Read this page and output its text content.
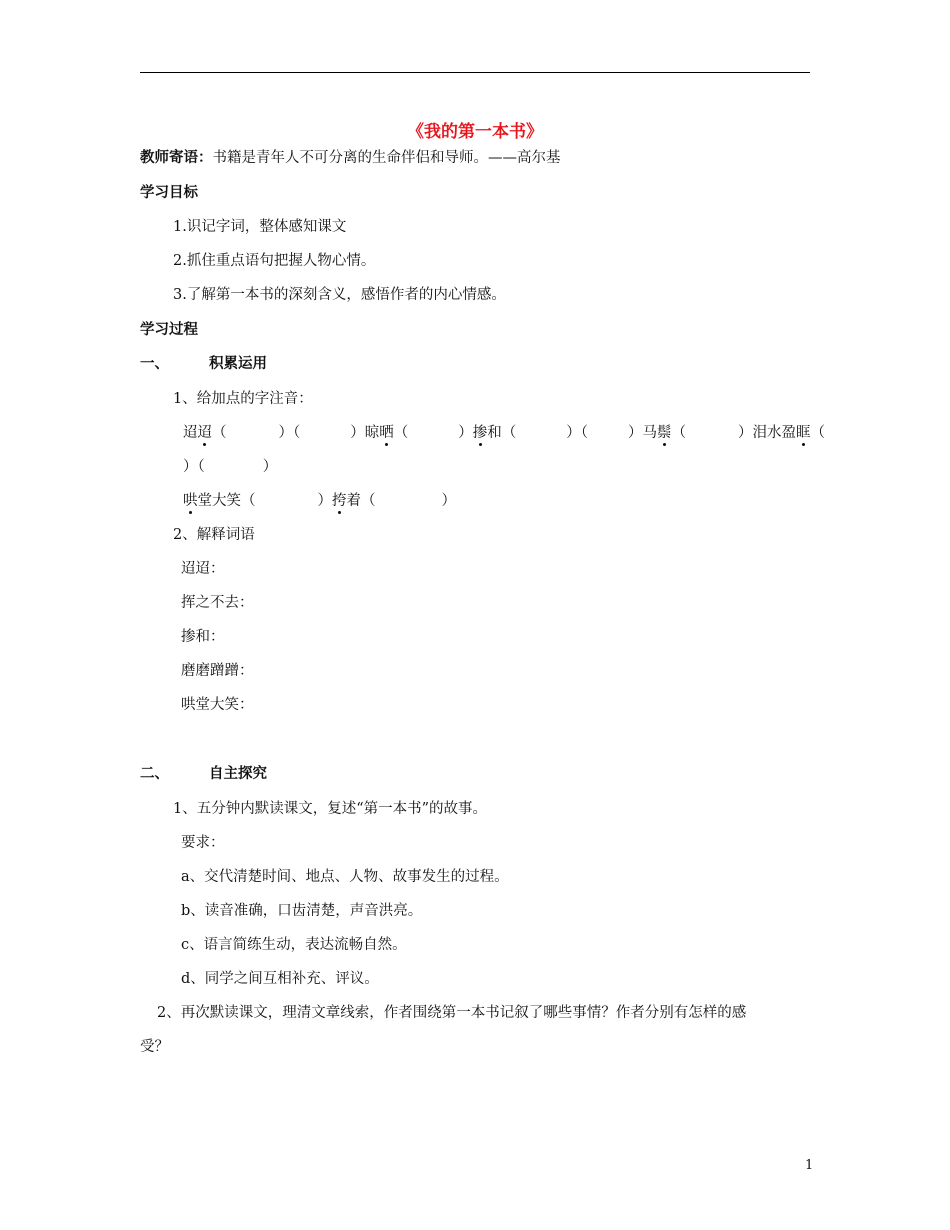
《我的第一本书》
教师寄语：书籍是青年人不可分离的生命伴侣和导师。——高尔基
学习目标
1.识记字词，整体感知课文
2.抓住重点语句把握人物心情。
3.了解第一本书的深刻含义，感悟作者的内心情感。
学习过程
一、	积累运用
1、给加点的字注音：
迢迢（	）（	）晾晒（	）掺和（	）（	）马鬃（	）泪水盈眶（
）（　　　　）
哄堂大笑（	）挎着（	）
2、解释词语
迢迢：
挥之不去：
掺和：
磨磨蹭蹭：
哄堂大笑：
二、	自主探究
1、五分钟内默读课文，复述“第一本书”的故事。
要求：
a、交代清楚时间、地点、人物、故事发生的过程。
b、读音准确，口齿清楚，声音洪亮。
c、语言简练生动，表达流畅自然。
d、同学之间互相补充、评议。
2、再次默读课文，理清文章线索，作者围绕第一本书记叙了哪些事情？作者分别有怎样的感
受？
1
